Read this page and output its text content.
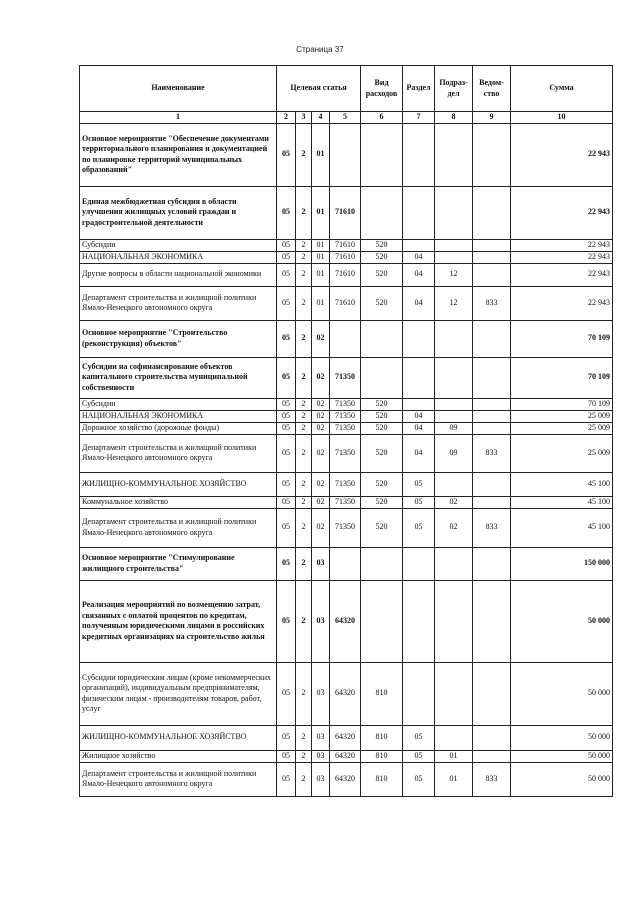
Страница 37
Наименование	Целевая статья				Вид расходов	Раздел	Подраз-дел	Ведом-ство	Сумма
1	2	3	4	5	6	7	8	9	10
Основное мероприятие "Обеспечение документами территориального планирования и документацией по планировке территорий муниципальных образований"	05	2	01						22 943
Единая межбюджетная субсидия в области улучшения жилищных условий граждан и градостроительной деятельности	05	2	01	71610					22 943
Субсидии	05	2	01	71610	520				22 943
НАЦИОНАЛЬНАЯ ЭКОНОМИКА	05	2	01	71610	520	04			22 943
Другие вопросы в области национальной экономики	05	2	01	71610	520	04	12		22 943
Департамент строительства и жилищной политики Ямало-Ненецкого автономного округа	05	2	01	71610	520	04	12	833	22 943
Основное мероприятие "Строительство (реконструкция) объектов"	05	2	02						70 109
Субсидии на софинансирование объектов капитального строительства муниципальной собственности	05	2	02	71350					70 109
Субсидии	05	2	02	71350	520				70 109
НАЦИОНАЛЬНАЯ ЭКОНОМИКА	05	2	02	71350	520	04			25 009
Дорожное хозяйство (дорожные фонды)	05	2	02	71350	520	04	09		25 009
Департамент строительства и жилищной политики Ямало-Ненецкого автономного округа	05	2	02	71350	520	04	09	833	25 009
ЖИЛИЩНО-КОММУНАЛЬНОЕ ХОЗЯЙСТВО	05	2	02	71350	520	05			45 100
Коммунальное хозяйство	05	2	02	71350	520	05	02		45 100
Департамент строительства и жилищной политики Ямало-Ненецкого автономного округа	05	2	02	71350	520	05	02	833	45 100
Основное мероприятие "Стимулирование жилищного строительства"	05	2	03						150 000
Реализация мероприятий по возмещению затрат, связанных с оплатой процентов по кредитам, полученным юридическими лицами в российских кредитных организациях на строительство жилья	05	2	03	64320					50 000
Субсидии юридическим лицам (кроме некоммерческих организаций), индивидуальным предпринимателям, физическим лицам - производителям товаров, работ, услуг	05	2	03	64320	810				50 000
ЖИЛИЩНО-КОММУНАЛЬНОЕ ХОЗЯЙСТВО	05	2	03	64320	810	05			50 000
Жилищное хозяйство	05	2	03	64320	810	05	01		50 000
Департамент строительства и жилищной политики Ямало-Ненецкого автономного округа	05	2	03	64320	810	05	01	833	50 000
